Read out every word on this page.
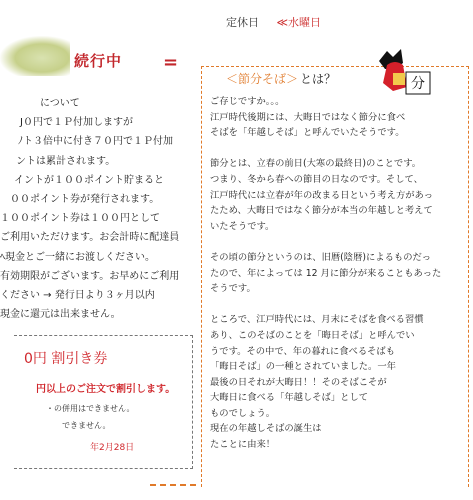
定休日 ≪水曜日
続行中 =
について
J０円で１Ｐ付加しますが
ﾉト３倍中に付き７０円で１Ｐ付加
ントは累計されます。
イントが１００ポイント貯まると
００ポイント券が発行されます。
１００ポイント券は１００円として
ご利用いただけます。お会計時に配達員
ﾍ現金とご一緒にお渡しください。
有効期限がございます。お早めにご利用
ください → 発行日より３ヶ月以内
現金に還元は出来ません。
0円 割引き券
円以上のご注文で割引します。
・の併用はできません。
できません。
年2月28日
＜節分そば＞ とは？
ご存じですか。。。
江戸時代後期には、大晦日ではなく節分に食べ
そばを「年越しそば」と呼んでいたそうです。
節分とは、立春の前日(大寒の最終日)のことです。
つまり、冬から春への節目の日なのです。そして、
江戸時代には立春が年の改まる日という考え方があっ
たため、大晦日ではなく節分が本当の年越しと考えて
いたそうです。
その頃の節分というのは、旧暦(陰暦)によるものだっ
たので、年によっては 12 月に節分が来ることもあった
そうです。
ところで、江戸時代には、月末にそばを食べる習慣
あり、このそばのことを「晦日そば」と呼んでい
うです。その中で、年の暮れに食べるそばも
「晦日そば」の一種とされていました。一年
最後の日それが大晦日！！そのそばこそが
大晦日に食べる「年越しそば」として
ものでしょう。
現在の年越しそばの誕生は
たことに由来！
分
